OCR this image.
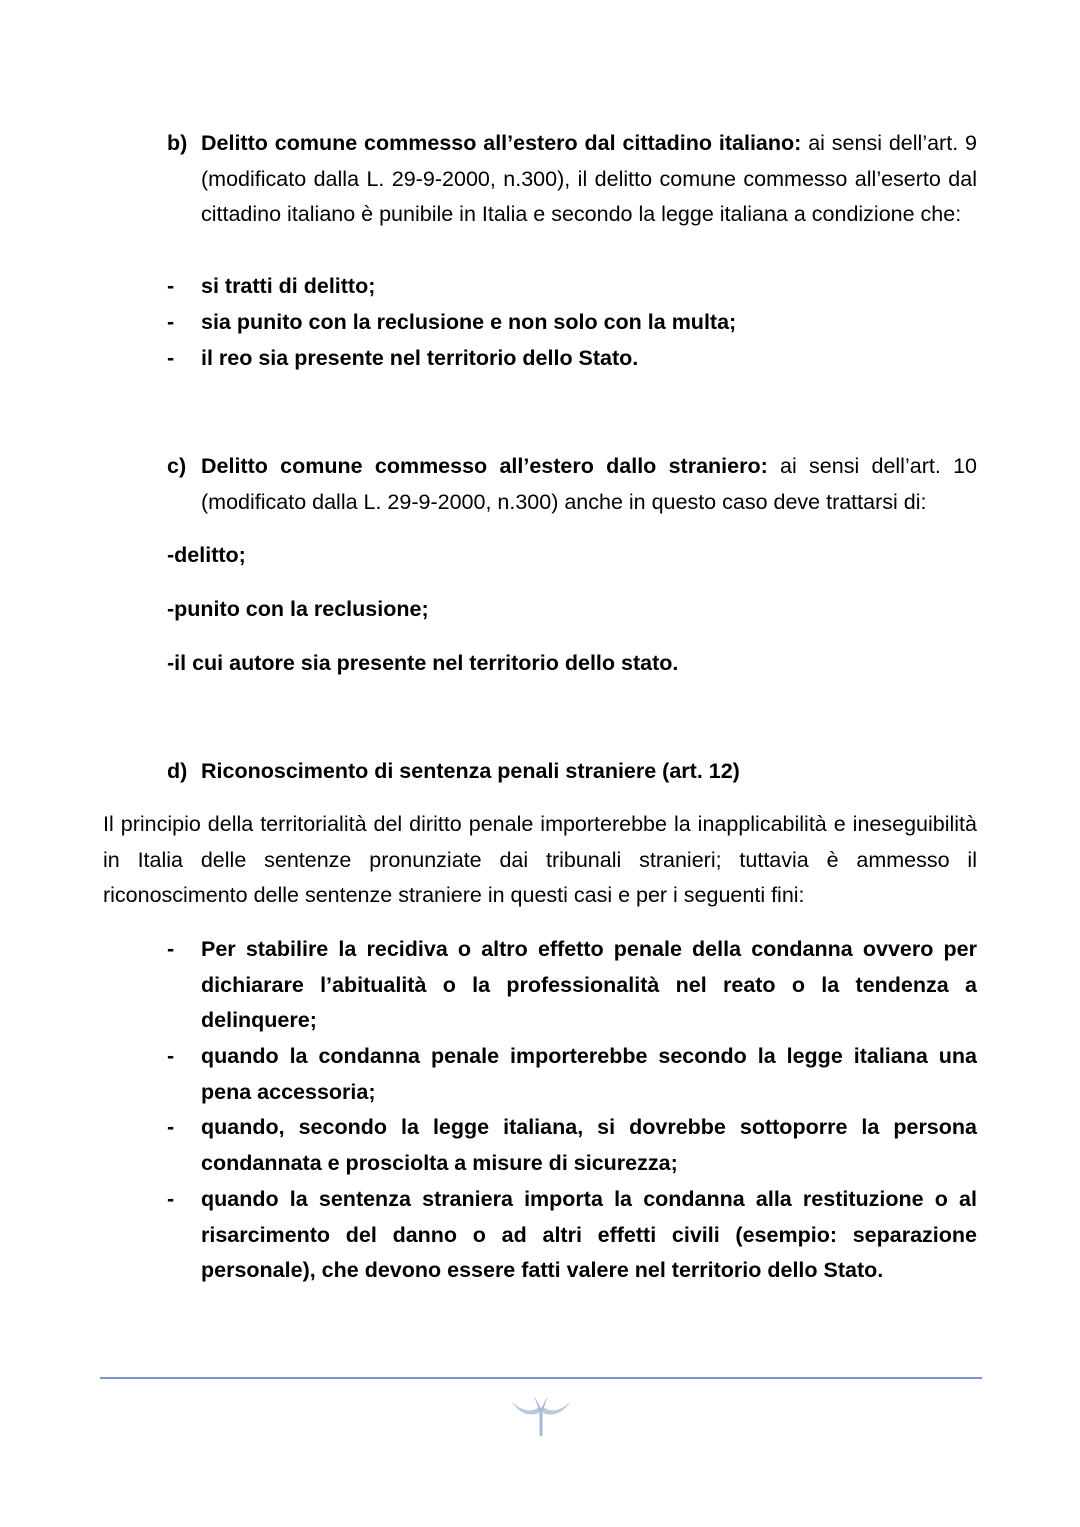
b) Delitto comune commesso all’estero dal cittadino italiano: ai sensi dell’art. 9 (modificato dalla L. 29-9-2000, n.300), il delitto comune commesso all’eserto dal cittadino italiano è punibile in Italia e secondo la legge italiana a condizione che:
- si tratti di delitto;
- sia punito con la reclusione e non solo con la multa;
- il reo sia presente nel territorio dello Stato.
c) Delitto comune commesso all’estero dallo straniero: ai sensi dell’art. 10 (modificato dalla L. 29-9-2000, n.300) anche in questo caso deve trattarsi di:
-delitto;
-punito con la reclusione;
-il cui autore sia presente nel territorio dello stato.
d) Riconoscimento di sentenza penali straniere (art. 12)
Il principio della territorialità del diritto penale importerebbe la inapplicabilità e ineseguibilità in Italia delle sentenze pronunziate dai tribunali stranieri; tuttavia è ammesso il riconoscimento delle sentenze straniere in questi casi e per i seguenti fini:
- Per stabilire la recidiva o altro effetto penale della condanna ovvero per dichiarare l’abitualità o la professionalità nel reato o la tendenza a delinquere;
- quando la condanna penale importerebbe secondo la legge italiana una pena accessoria;
- quando, secondo la legge italiana, si dovrebbe sottoporre la persona condannata e prosciolta a misure di sicurezza;
- quando la sentenza straniera importa la condanna alla restituzione o al risarcimento del danno o ad altri effetti civili (esempio: separazione personale), che devono essere fatti valere nel territorio dello Stato.
